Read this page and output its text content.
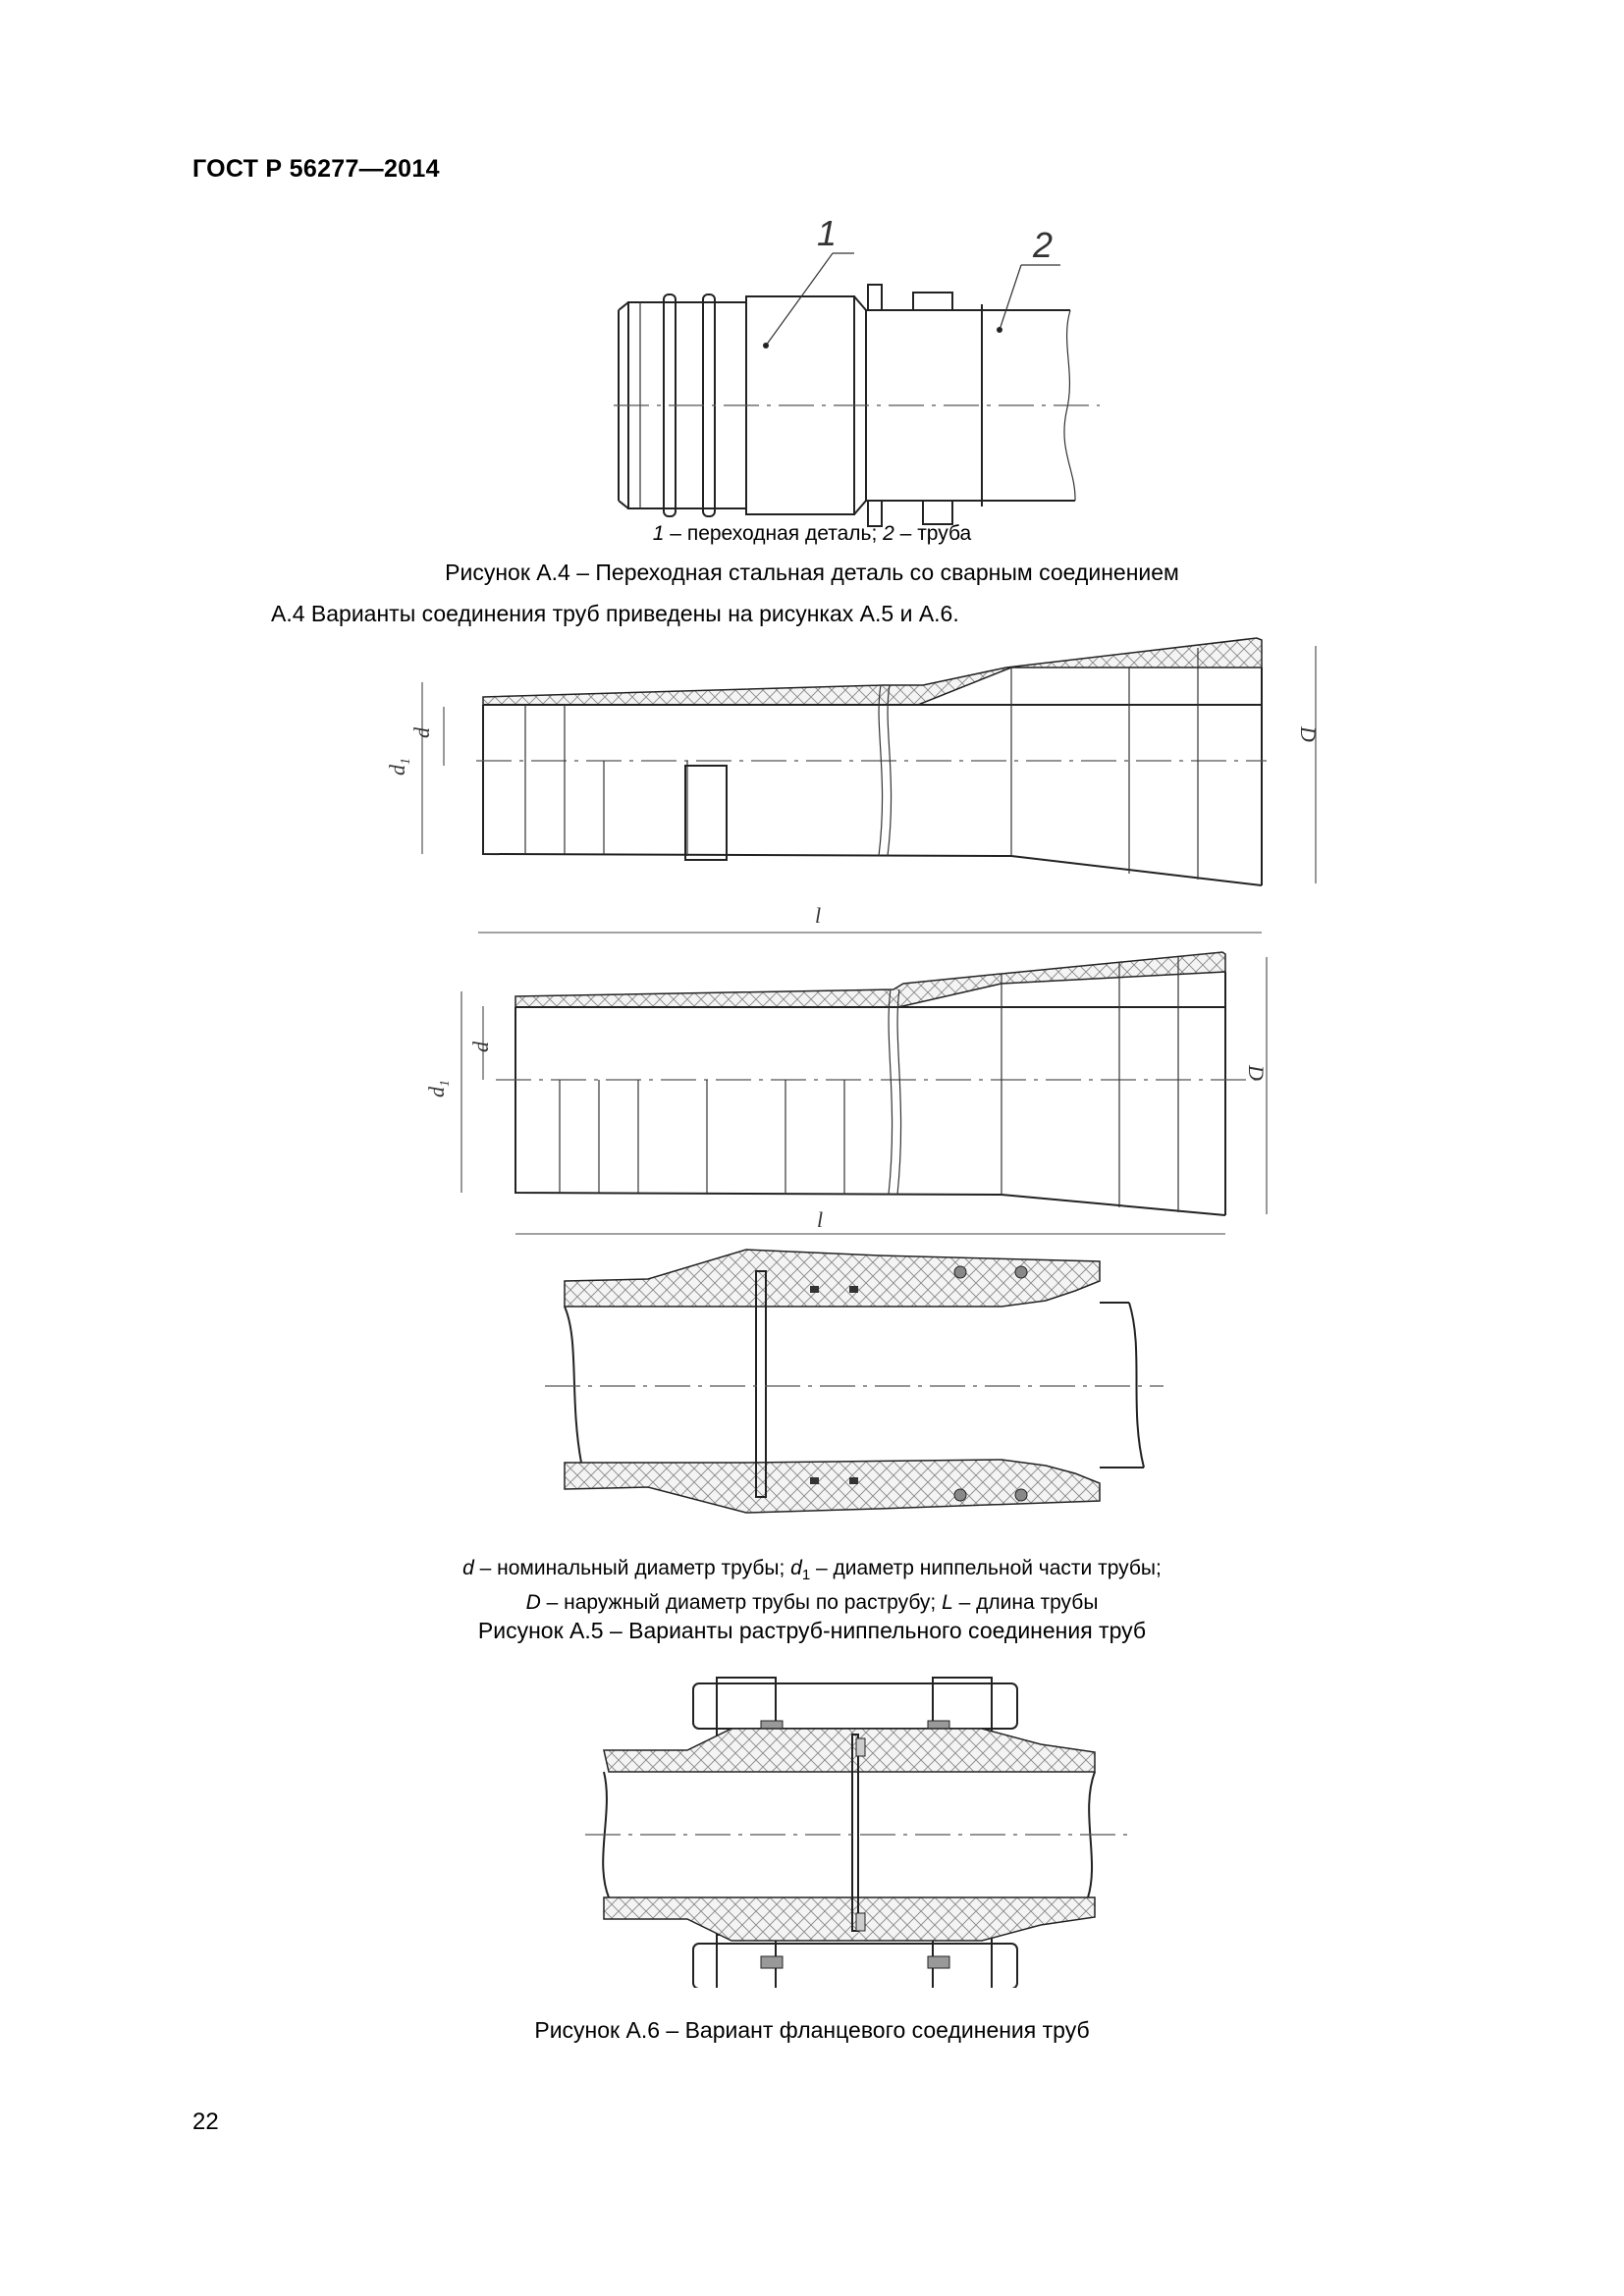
ГОСТ Р 56277—2014
1	2
1 – переходная деталь; 2 – труба
Рисунок А.4 – Переходная стальная деталь со сварным соединением
А.4 Варианты соединения труб приведены на рисунках А.5 и А.6.
d
$d_1$
D
l
d
$d_1$
D
l
d – номинальный диаметр трубы; $d_1$ – диаметр ниппельной части трубы;
D – наружный диаметр трубы по раструбу; L – длина трубы
Рисунок А.5 – Варианты раструб-ниппельного соединения труб
Рисунок А.6 – Вариант фланцевого соединения труб
22
